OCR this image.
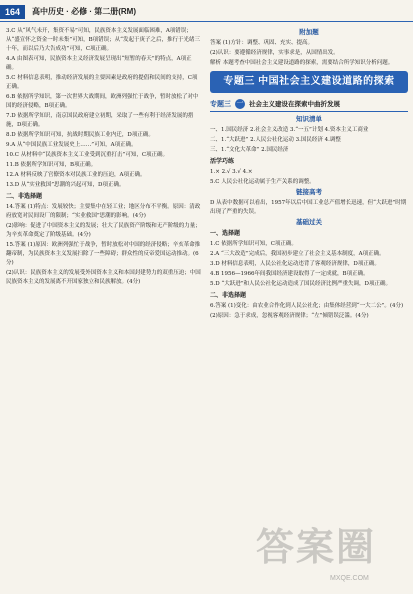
164	高中历史 · 必修 · 第二册(RM)

3.C 从“风气未开，集资不易”可知，民族资本主义发展面临困难，A项错误；从“盛宣怀之资金一时未集”可知，B项错误；从“发起于庚子之后，推行于光绪三十年，而以后乃大告成功”可知，C项正确。

4.A 由图表可知，民族资本主义经济发展呈现出“短暂的春天”的特点，A项正确。

5.C 材料信息表明，推动经济发展的主要因素是政府的提倡和民间的支持，C项正确。

6.B 依据所学知识，第一次世界大战期间，欧洲列强忙于战争，暂时放松了对中国的经济侵略，B项正确。

7.D 依据所学知识，南京国民政府建立初期，采取了一些有利于经济发展的措施，D项正确。

8.D 依据所学知识可知，抗战时期民族工业内迁，D项正确。

9.A 从“中国民族工业发展史上……”可知，A项正确。

10.C 从材料中“民族资本主义工业受到沉重打击”可知，C项正确。

11.B 依据所学知识可知，B项正确。

12.A 材料反映了官僚资本对民族工业的压迫，A项正确。

13.D 从“实业救国”思潮的兴起可知，D项正确。

二、非选择题

14.答案 (1)特点：发展较快；主要集中在轻工业；地区分布不平衡。原因：清政府放宽对民间设厂的限制；“实业救国”思潮的影响。(4分)

(2)影响：促进了中国资本主义的发展；壮大了民族资产阶级和无产阶级的力量；为辛亥革命奠定了阶级基础。(4分)

15.答案 (1)原因：欧洲列强忙于战争，暂时放松对中国的经济侵略；辛亥革命推翻帝制，为民族资本主义发展扫除了一些障碍；群众性的反帝爱国运动推动。(6分)

(2)认识：民族资本主义的发展受外国资本主义和本国封建势力的双重压迫；中国民族资本主义的发展离不开国家独立和民族解放。(4分)

附加题

答案 (1)方针：调整、巩固、充实、提高。

(2)认识：要遵循经济规律，实事求是，从国情出发。

解析 本题考查中国社会主义建设道路的探索，需要结合所学知识分析问题。

专题三 中国社会主义建设道路的探索
专题三 一 社会主义建设在探索中曲折发展
知识清单

一、1.国民经济 2.社会主义改造 3.“一五”计划 4.资本主义工商业

二、1.“大跃进” 2.人民公社化运动 3.国民经济 4.调整

三、1.“文化大革命” 2.国民经济

活学巧练

1.× 2.√ 3.√ 4.×

5.C 人民公社化运动属于生产关系的调整。

链接高考

D 从表中数据可以看出，1957年以后中国工业总产值增长迅速，但“大跃进”时期出现了严重的失误。

基础过关

一、选择题

1.C 依据所学知识可知，C项正确。

2.A “三大改造”完成后，我国初步建立了社会主义基本制度，A项正确。

3.D 材料信息表明，人民公社化运动违背了客观经济规律，D项正确。

4.B 1956—1966年间我国经济建设取得了一定成就，B项正确。

5.D “大跃进”和人民公社化运动造成了国民经济比例严重失调，D项正确。

二、非选择题

6.答案 (1)变化：由农业合作化到人民公社化；由集体经营到“一大二公”。(4分)

(2)原因：急于求成，忽视客观经济规律；“左”倾错误泛滥。(4分)

答案圈
MXQE.COM
